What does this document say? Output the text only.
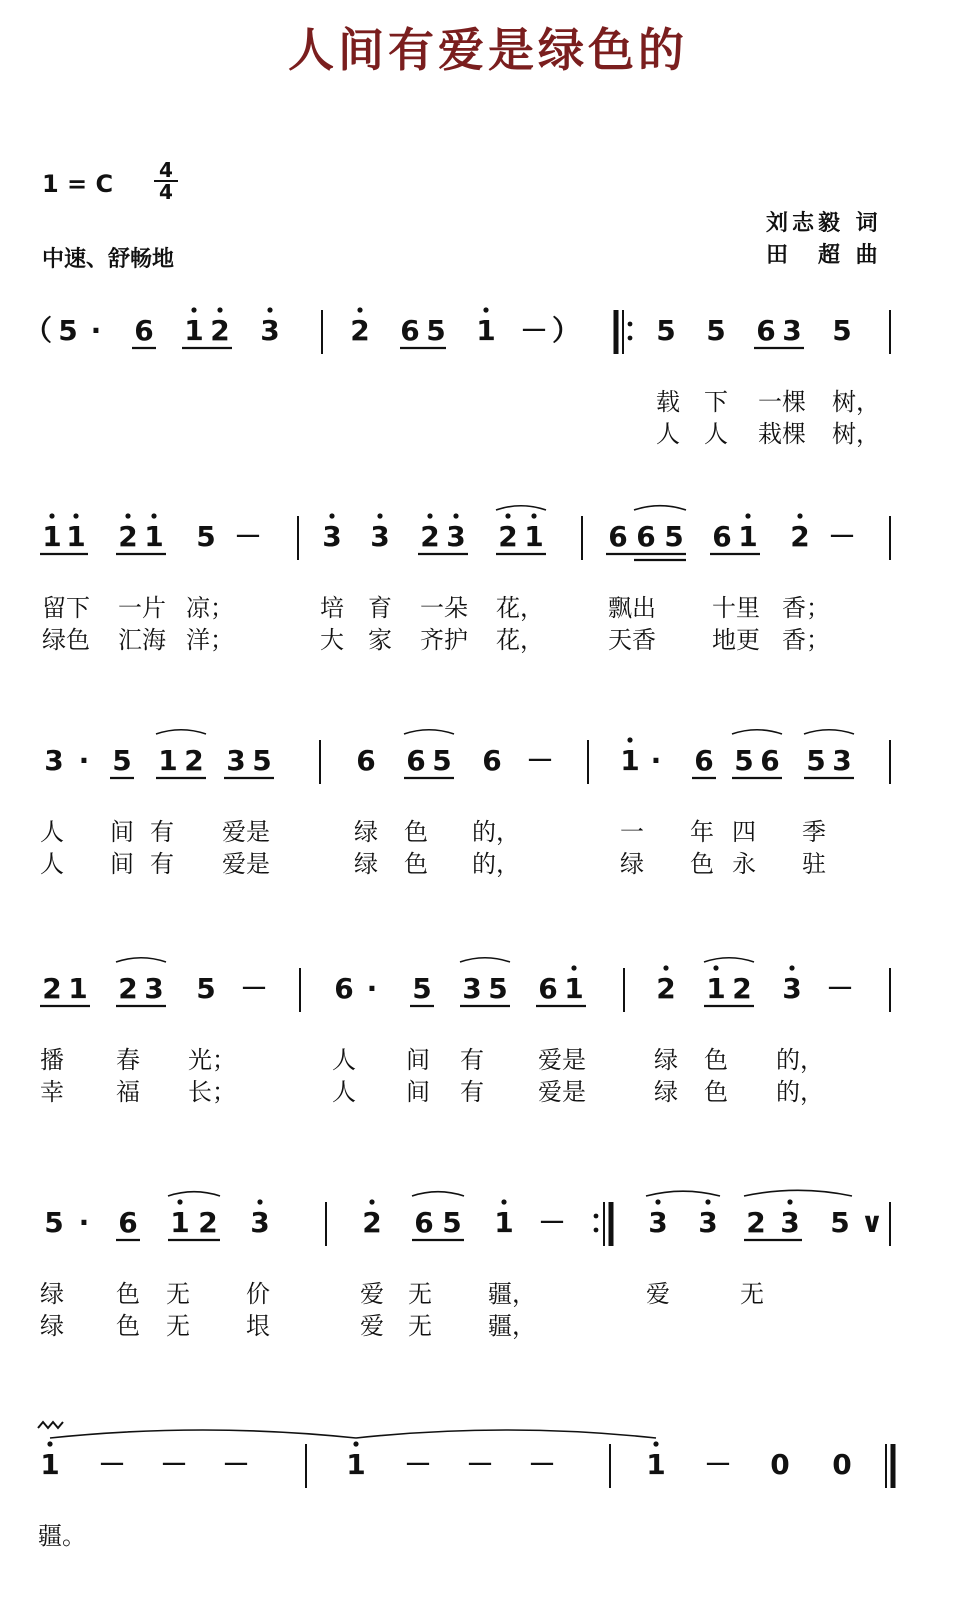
人间有爱是绿色的
1 = C 4
4
中速、舒畅地
刘志毅 词
田　超 曲
（ 5 · 6 1 2 3	2 6 5 1 － ）	5 5 6 3 5
载 下 一棵 树，
人 人 栽棵 树，
1 1 2 1 5 － 3 3 2 3 2 1 6 6 5 6 1 2 －
留下 一片 凉；	培 育 一朵 花，	飘出 十里 香；
绿色 汇海 洋；	大 家 齐护 花，	天香 地更 香；
3 · 5 1 2 3 5	6 6 5 6 － 1 · 6 5 6 5 3
人 间 有 爱是	绿 色 的，	一 年 四 季
人 间 有 爱是	绿 色 的，	绿 色 永 驻
2 1 2 3 5 － 6 · 5 3 5 6 1	2 1 2 3 －
播 春 光；	人 间 有 爱是	绿 色 的，
幸 福 长；	人 间 有 爱是	绿 色 的，
5 · 6 1 2 3	2 6 5 1 －	3 3 2 3 5 ∨
绿 色 无 价	爱 无 疆，	爱	无
绿 色 无 垠	爱 无 疆，
1 － － －	1 － － －	1 － 0 0
疆。
